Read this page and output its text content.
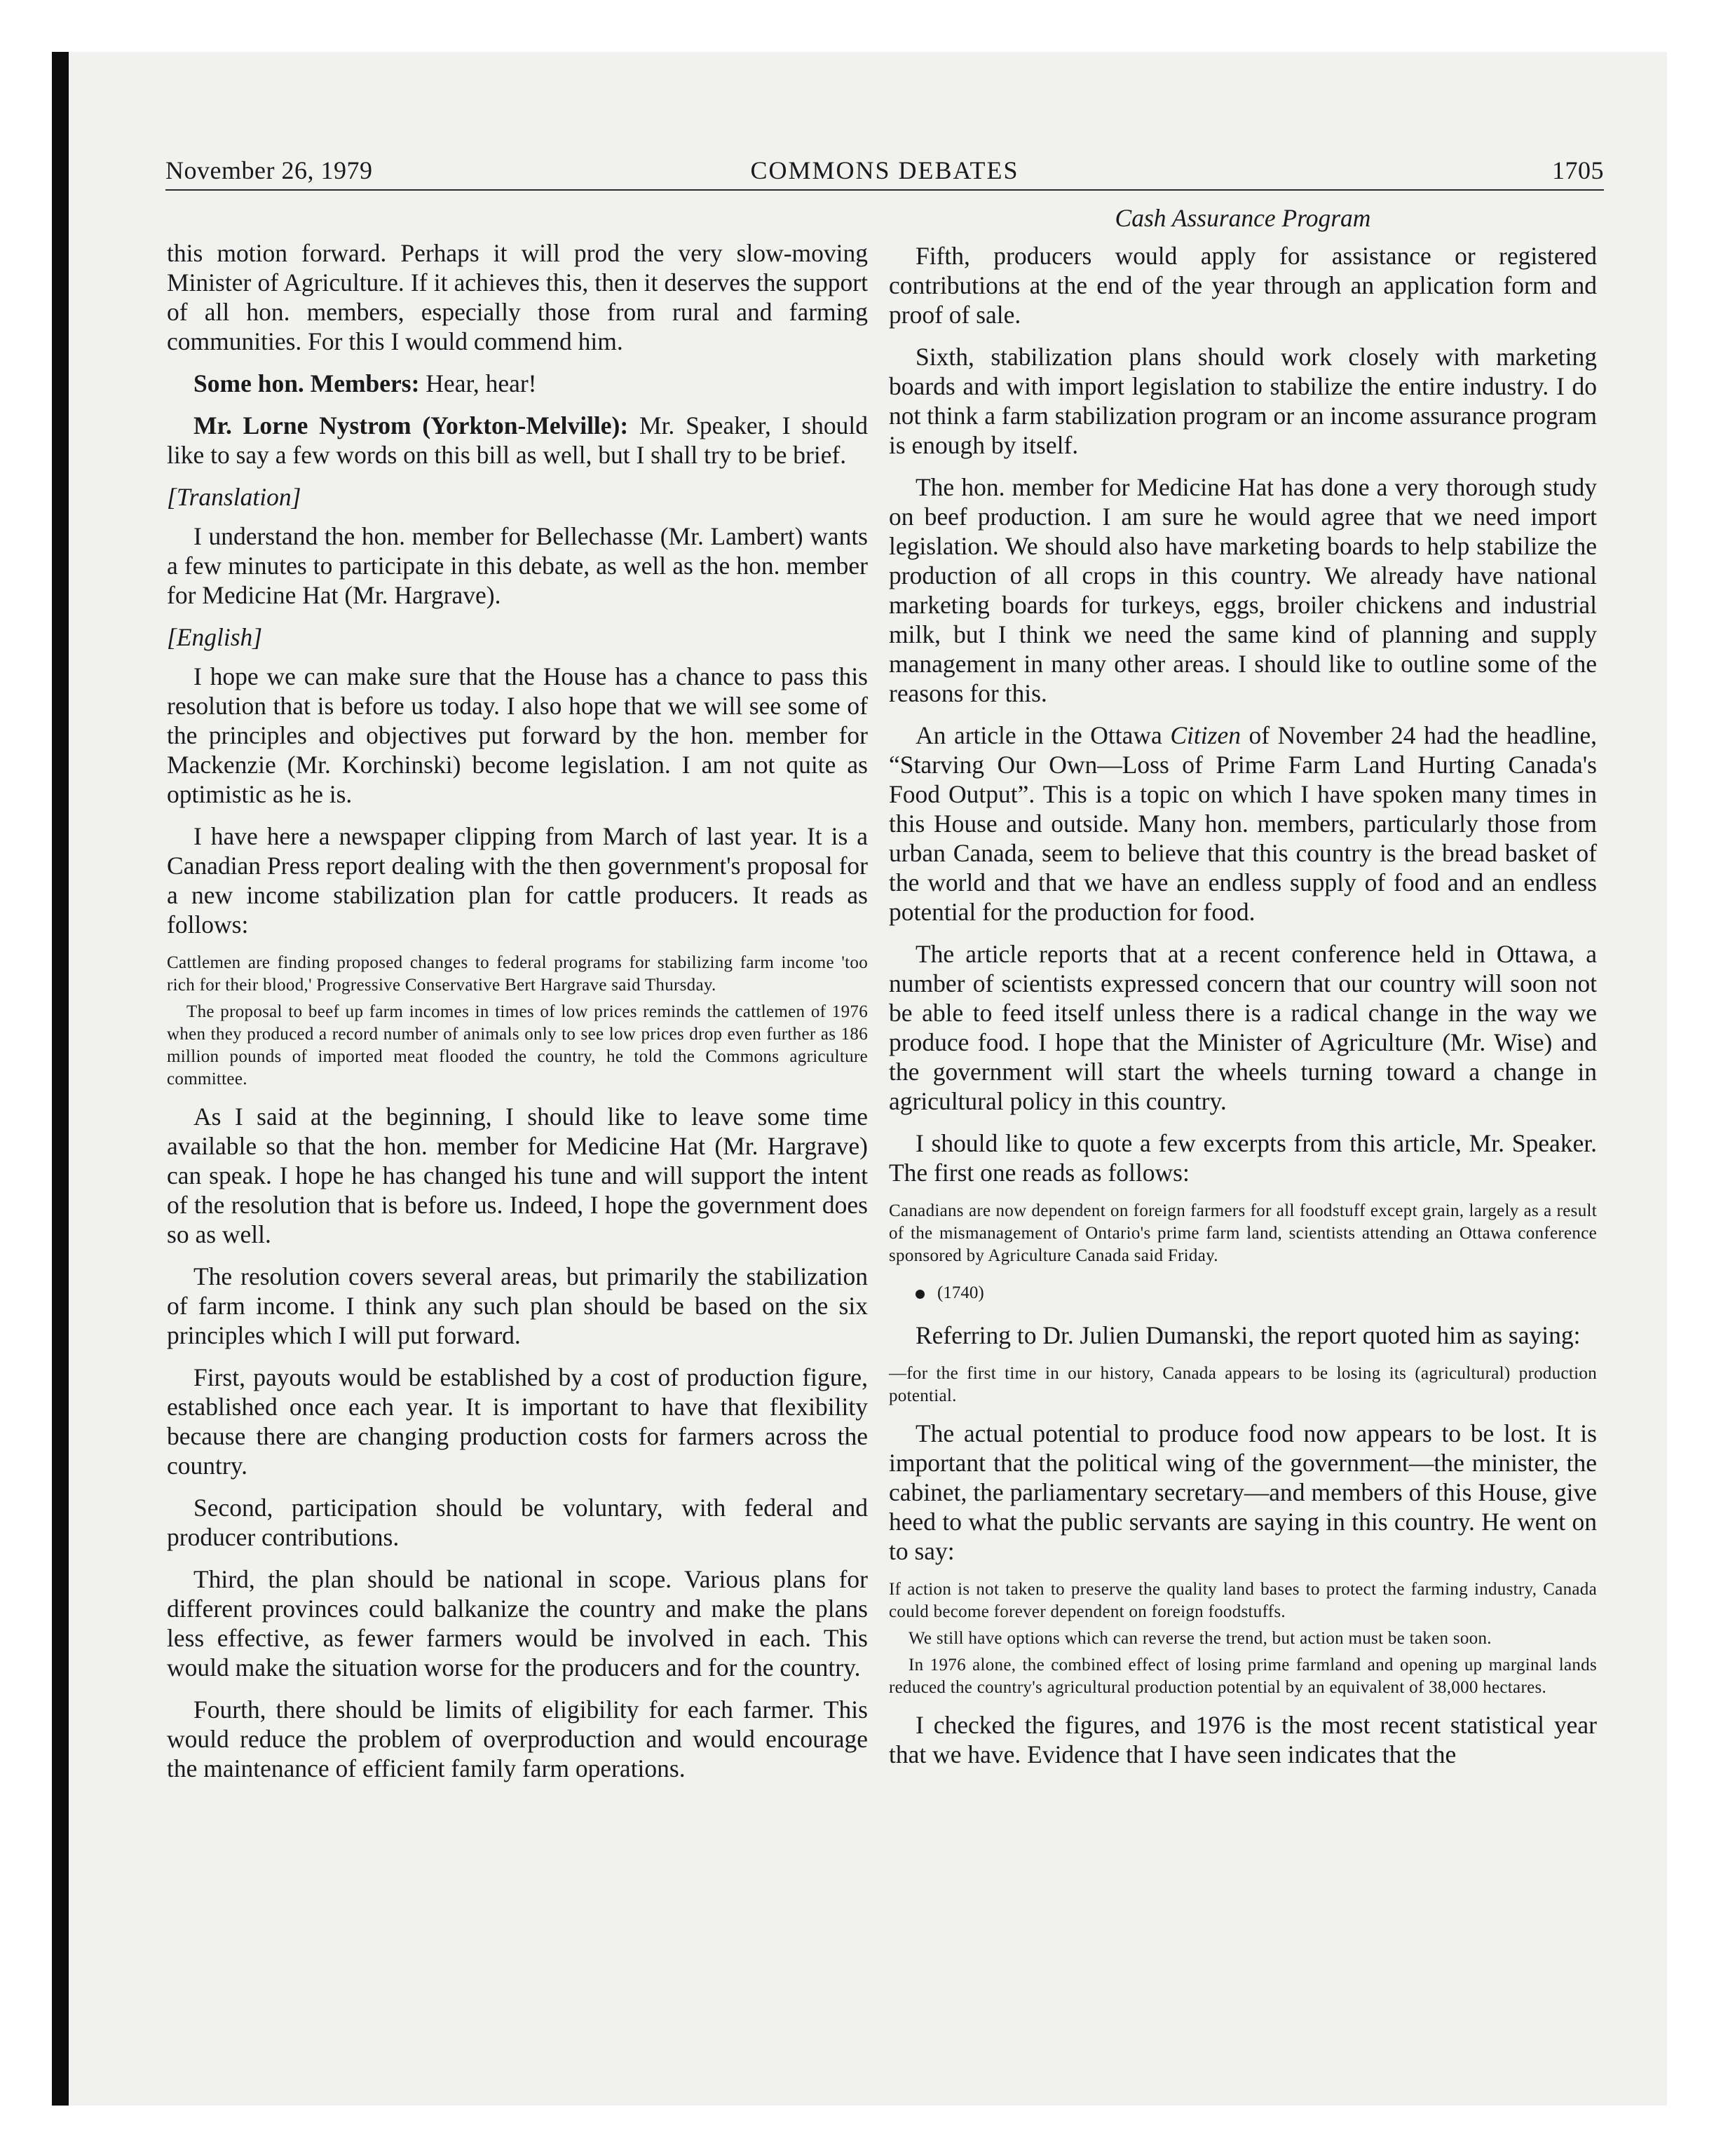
November 26, 1979	COMMONS DEBATES	1705

this motion forward. Perhaps it will prod the very slow-moving Minister of Agriculture. If it achieves this, then it deserves the support of all hon. members, especially those from rural and farming communities. For this I would commend him.

Some hon. Members: Hear, hear!

Mr. Lorne Nystrom (Yorkton-Melville): Mr. Speaker, I should like to say a few words on this bill as well, but I shall try to be brief.

[Translation]

I understand the hon. member for Bellechasse (Mr. Lambert) wants a few minutes to participate in this debate, as well as the hon. member for Medicine Hat (Mr. Hargrave).

[English]

I hope we can make sure that the House has a chance to pass this resolution that is before us today. I also hope that we will see some of the principles and objectives put forward by the hon. member for Mackenzie (Mr. Korchinski) become legislation. I am not quite as optimistic as he is.

I have here a newspaper clipping from March of last year. It is a Canadian Press report dealing with the then government's proposal for a new income stabilization plan for cattle producers. It reads as follows:

Cattlemen are finding proposed changes to federal programs for stabilizing farm income 'too rich for their blood,' Progressive Conservative Bert Hargrave said Thursday.

The proposal to beef up farm incomes in times of low prices reminds the cattlemen of 1976 when they produced a record number of animals only to see low prices drop even further as 186 million pounds of imported meat flooded the country, he told the Commons agriculture committee.

As I said at the beginning, I should like to leave some time available so that the hon. member for Medicine Hat (Mr. Hargrave) can speak. I hope he has changed his tune and will support the intent of the resolution that is before us. Indeed, I hope the government does so as well.

The resolution covers several areas, but primarily the stabilization of farm income. I think any such plan should be based on the six principles which I will put forward.

First, payouts would be established by a cost of production figure, established once each year. It is important to have that flexibility because there are changing production costs for farmers across the country.

Second, participation should be voluntary, with federal and producer contributions.

Third, the plan should be national in scope. Various plans for different provinces could balkanize the country and make the plans less effective, as fewer farmers would be involved in each. This would make the situation worse for the producers and for the country.

Fourth, there should be limits of eligibility for each farmer. This would reduce the problem of overproduction and would encourage the maintenance of efficient family farm operations.

Cash Assurance Program

Fifth, producers would apply for assistance or registered contributions at the end of the year through an application form and proof of sale.

Sixth, stabilization plans should work closely with marketing boards and with import legislation to stabilize the entire industry. I do not think a farm stabilization program or an income assurance program is enough by itself.

The hon. member for Medicine Hat has done a very thorough study on beef production. I am sure he would agree that we need import legislation. We should also have marketing boards to help stabilize the production of all crops in this country. We already have national marketing boards for turkeys, eggs, broiler chickens and industrial milk, but I think we need the same kind of planning and supply management in many other areas. I should like to outline some of the reasons for this.

An article in the Ottawa Citizen of November 24 had the headline, “Starving Our Own—Loss of Prime Farm Land Hurting Canada's Food Output”. This is a topic on which I have spoken many times in this House and outside. Many hon. members, particularly those from urban Canada, seem to believe that this country is the bread basket of the world and that we have an endless supply of food and an endless potential for the production for food.

The article reports that at a recent conference held in Ottawa, a number of scientists expressed concern that our country will soon not be able to feed itself unless there is a radical change in the way we produce food. I hope that the Minister of Agriculture (Mr. Wise) and the government will start the wheels turning toward a change in agricultural policy in this country.

I should like to quote a few excerpts from this article, Mr. Speaker. The first one reads as follows:

Canadians are now dependent on foreign farmers for all foodstuff except grain, largely as a result of the mismanagement of Ontario's prime farm land, scientists attending an Ottawa conference sponsored by Agriculture Canada said Friday.

(1740)

Referring to Dr. Julien Dumanski, the report quoted him as saying:

—for the first time in our history, Canada appears to be losing its (agricultural) production potential.

The actual potential to produce food now appears to be lost. It is important that the political wing of the government—the minister, the cabinet, the parliamentary secretary—and members of this House, give heed to what the public servants are saying in this country. He went on to say:

If action is not taken to preserve the quality land bases to protect the farming industry, Canada could become forever dependent on foreign foodstuffs.

We still have options which can reverse the trend, but action must be taken soon.

In 1976 alone, the combined effect of losing prime farmland and opening up marginal lands reduced the country's agricultural production potential by an equivalent of 38,000 hectares.

I checked the figures, and 1976 is the most recent statistical year that we have. Evidence that I have seen indicates that the
